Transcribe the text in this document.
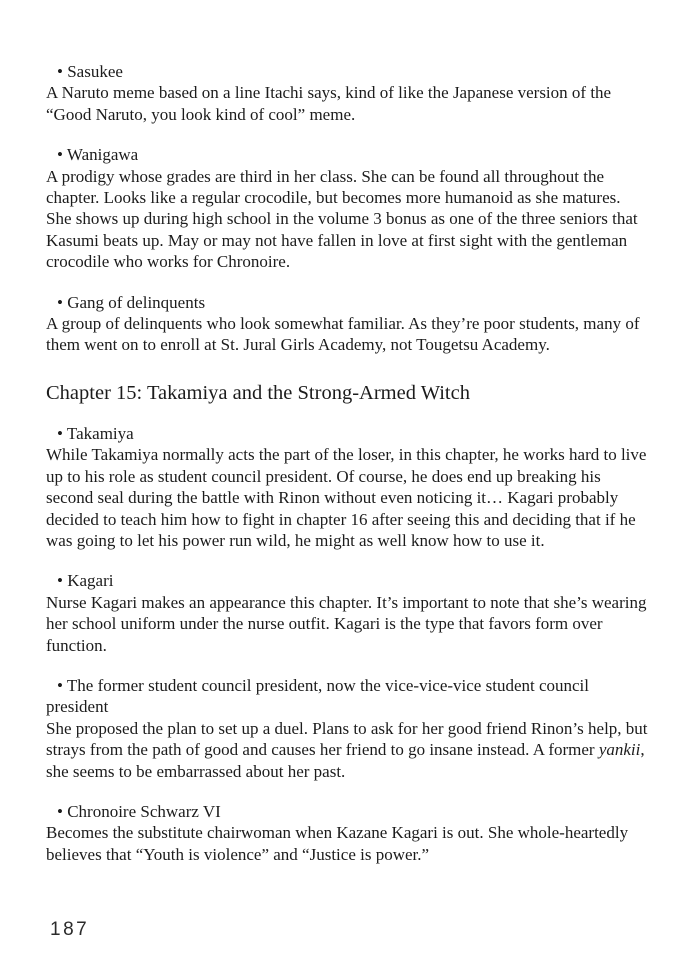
• Sasukee

A Naruto meme based on a line Itachi says, kind of like the Japanese version of the “Good Naruto, you look kind of cool” meme.

• Wanigawa

A prodigy whose grades are third in her class. She can be found all throughout the chapter. Looks like a regular crocodile, but becomes more humanoid as she matures. She shows up during high school in the volume 3 bonus as one of the three seniors that Kasumi beats up. May or may not have fallen in love at first sight with the gentleman crocodile who works for Chronoire.

• Gang of delinquents

A group of delinquents who look somewhat familiar. As they’re poor students, many of them went on to enroll at St. Jural Girls Academy, not Tougetsu Academy.

Chapter 15: Takamiya and the Strong-Armed Witch

• Takamiya

While Takamiya normally acts the part of the loser, in this chapter, he works hard to live up to his role as student council president. Of course, he does end up breaking his second seal during the battle with Rinon without even noticing it… Kagari probably decided to teach him how to fight in chapter 16 after seeing this and deciding that if he was going to let his power run wild, he might as well know how to use it.

• Kagari

Nurse Kagari makes an appearance this chapter. It’s important to note that she’s wearing her school uniform under the nurse outfit. Kagari is the type that favors form over function.

• The former student council president, now the vice-vice-vice student council president

She proposed the plan to set up a duel. Plans to ask for her good friend Rinon’s help, but strays from the path of good and causes her friend to go insane instead. A former yankii, she seems to be embarrassed about her past.

• Chronoire Schwarz VI

Becomes the substitute chairwoman when Kazane Kagari is out. She whole-heartedly believes that “Youth is violence” and “Justice is power.”

187
